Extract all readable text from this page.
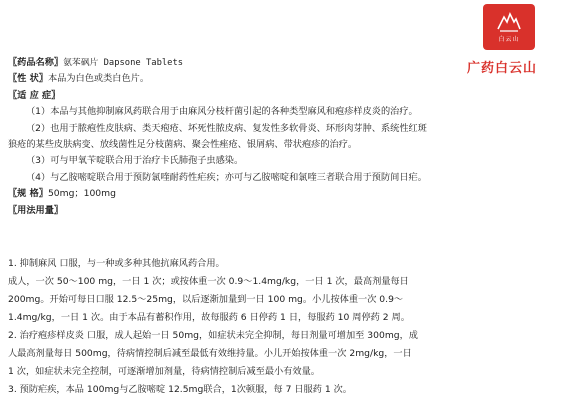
白云山
广药白云山
〖药品名称〗氨苯砜片 Dapsone Tablets
〖性 状〗本品为白色或类白色片。
〖适 应 症〗
（1）本品与其他抑制麻风药联合用于由麻风分枝杆菌引起的各种类型麻风和疱疹样皮炎的治疗。
（2）也用于脓疱性皮肤病、类天疱疮、坏死性脓皮病、复发性多软骨炎、环形肉芽肿、系统性红斑
狼疮的某些皮肤病变、放线菌性足分枝菌病、聚会性痤疮、银屑病、带状疱疹的治疗。
（3）可与甲氧苄啶联合用于治疗卡氏肺孢子虫感染。
（4）与乙胺嘧啶联合用于预防氯喹耐药性疟疾；亦可与乙胺嘧啶和氯喹三者联合用于预防间日疟。
〖规 格〗50mg；100mg
〖用法用量〗
1. 抑制麻风 口服，与一种或多种其他抗麻风药合用。
成人，一次 50～100 mg，一日 1 次；或按体重一次 0.9～1.4mg/kg，一日 1 次，最高剂量每日
200mg。开始可每日口服 12.5～25mg，以后逐渐加量到一日 100 mg。小儿按体重一次 0.9～
1.4mg/kg，一日 1 次。由于本品有蓄积作用，故每服药 6 日停药 1 日，每服药 10 周停药 2 周。
2. 治疗疱疹样皮炎 口服，成人起始一日 50mg，如症状未完全抑制，每日剂量可增加至 300mg，成
人最高剂量每日 500mg，待病情控制后减至最低有效维持量。小儿开始按体重一次 2mg/kg，一日
1 次，如症状未完全控制，可逐渐增加剂量，待病情控制后减至最小有效量。
3. 预防疟疾，本品 100mg与乙胺嘧啶 12.5mg联合，1次顿服，每 7 日服药 1 次。
